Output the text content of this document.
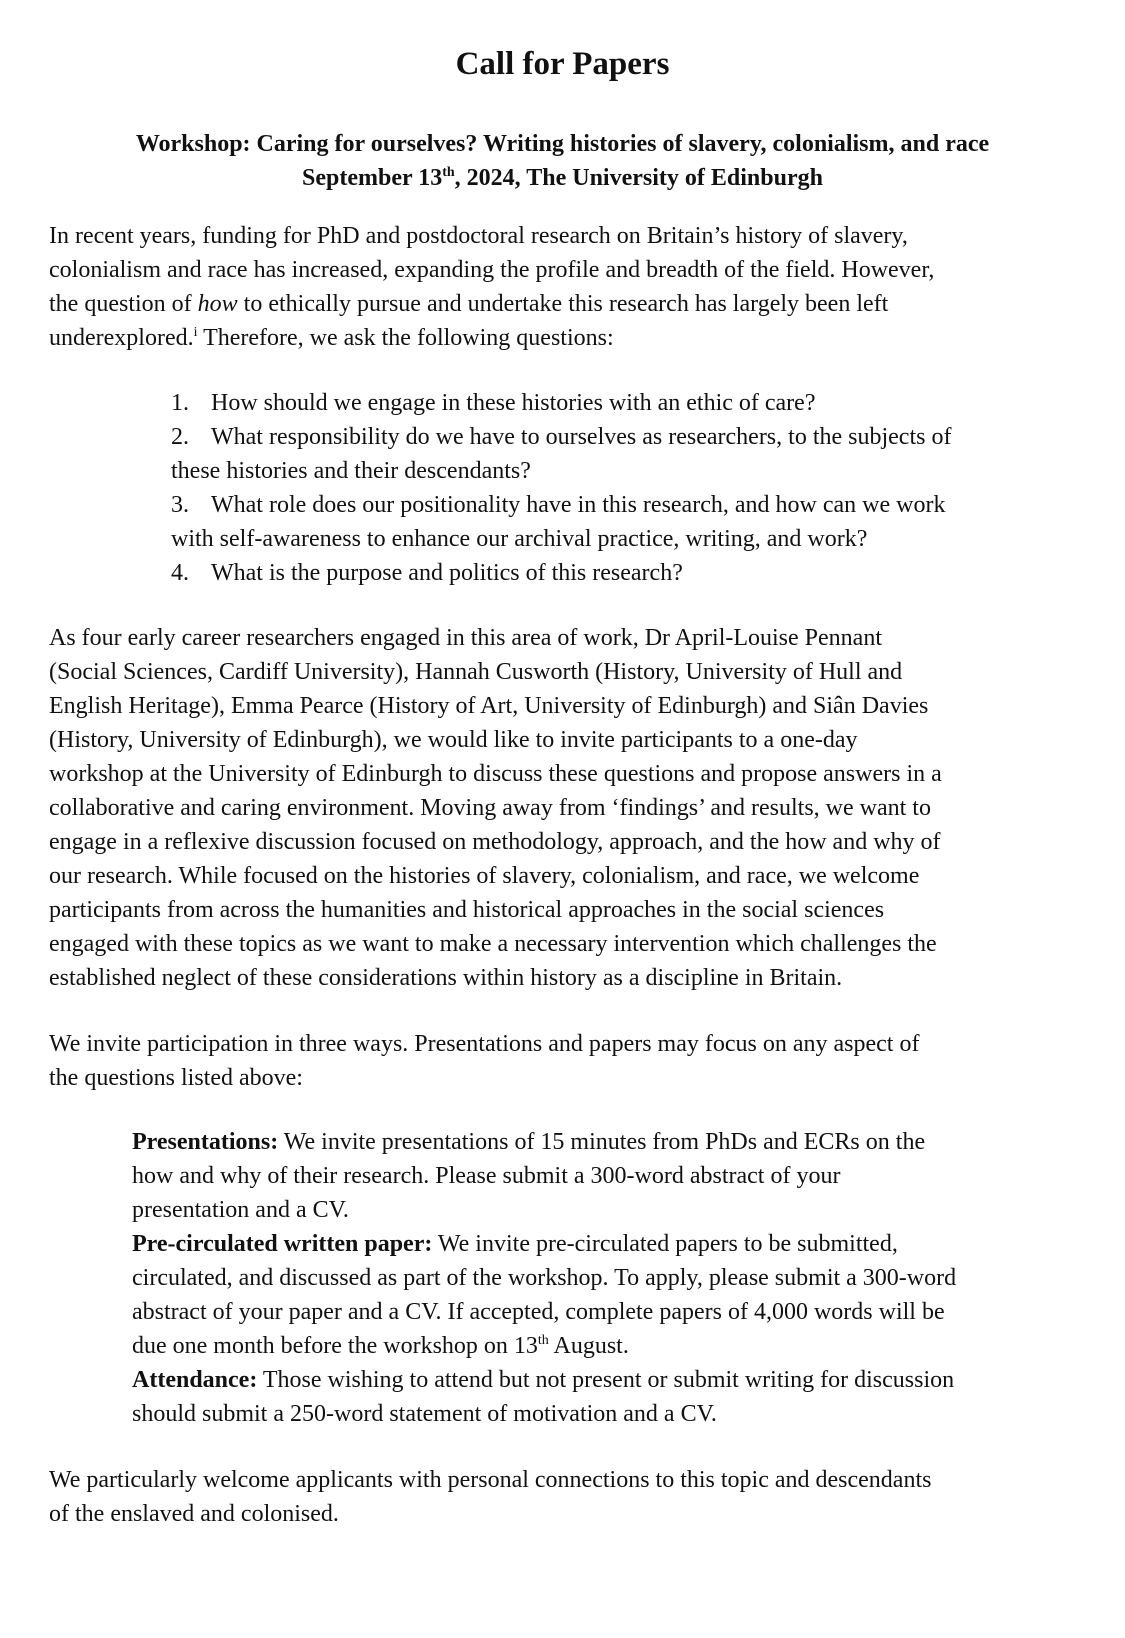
Call for Papers
Workshop: Caring for ourselves? Writing histories of slavery, colonialism, and race
September 13th, 2024, The University of Edinburgh
In recent years, funding for PhD and postdoctoral research on Britain’s history of slavery,
colonialism and race has increased, expanding the profile and breadth of the field. However,
the question of how to ethically pursue and undertake this research has largely been left
underexplored.$^i$ Therefore, we ask the following questions:
1. How should we engage in these histories with an ethic of care?
2. What responsibility do we have to ourselves as researchers, to the subjects of
these histories and their descendants?
3. What role does our positionality have in this research, and how can we work
with self-awareness to enhance our archival practice, writing, and work?
4. What is the purpose and politics of this research?
As four early career researchers engaged in this area of work, Dr April-Louise Pennant
(Social Sciences, Cardiff University), Hannah Cusworth (History, University of Hull and
English Heritage), Emma Pearce (History of Art, University of Edinburgh) and Siân Davies
(History, University of Edinburgh), we would like to invite participants to a one-day
workshop at the University of Edinburgh to discuss these questions and propose answers in a
collaborative and caring environment. Moving away from ‘findings’ and results, we want to
engage in a reflexive discussion focused on methodology, approach, and the how and why of
our research. While focused on the histories of slavery, colonialism, and race, we welcome
participants from across the humanities and historical approaches in the social sciences
engaged with these topics as we want to make a necessary intervention which challenges the
established neglect of these considerations within history as a discipline in Britain.
We invite participation in three ways. Presentations and papers may focus on any aspect of
the questions listed above:
Presentations: We invite presentations of 15 minutes from PhDs and ECRs on the
how and why of their research. Please submit a 300-word abstract of your
presentation and a CV.
Pre-circulated written paper: We invite pre-circulated papers to be submitted,
circulated, and discussed as part of the workshop. To apply, please submit a 300-word
abstract of your paper and a CV. If accepted, complete papers of 4,000 words will be
due one month before the workshop on 13th August.
Attendance: Those wishing to attend but not present or submit writing for discussion
should submit a 250-word statement of motivation and a CV.
We particularly welcome applicants with personal connections to this topic and descendants
of the enslaved and colonised.
